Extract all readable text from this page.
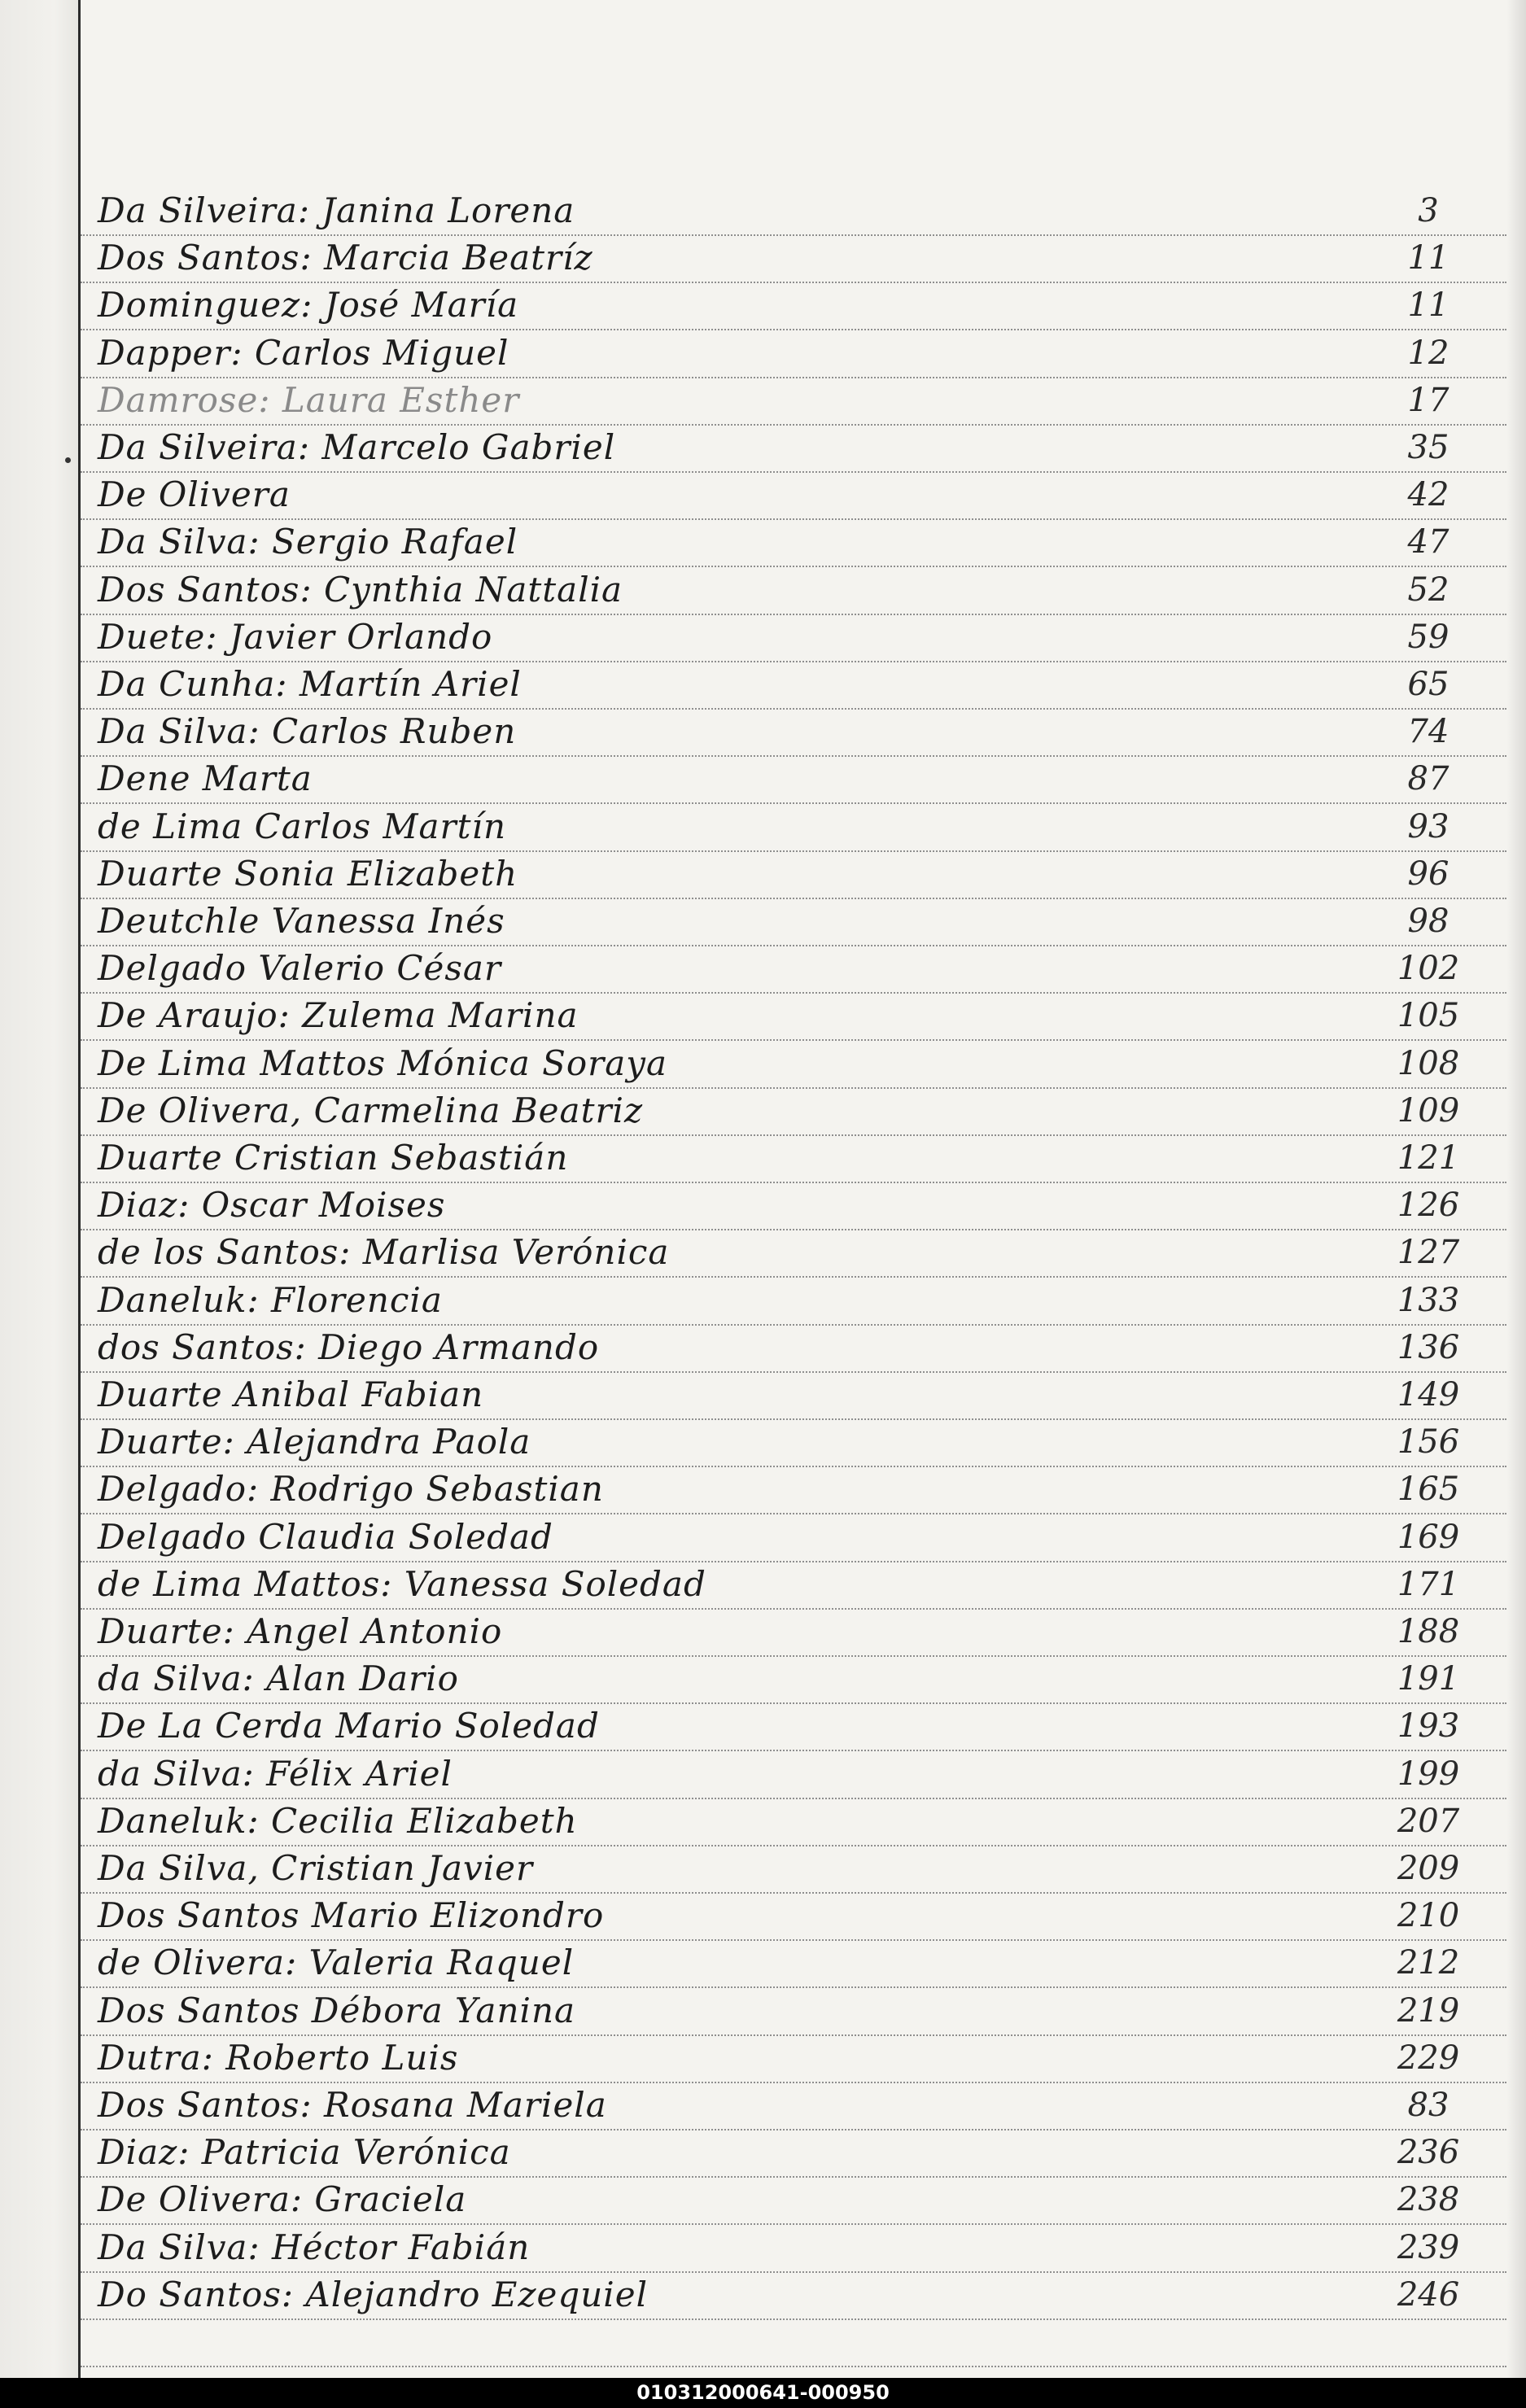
Da Silveira: Janina Lorena	3
Dos Santos: Marcia Beatríz	11
Dominguez: José María	11
Dapper: Carlos Miguel	12
Damrose: Laura Esther	17
Da Silveira: Marcelo Gabriel	35
De Olivera	42
Da Silva: Sergio Rafael	47
Dos Santos: Cynthia Nattalia	52
Duete: Javier Orlando	59
Da Cunha: Martín Ariel	65
Da Silva: Carlos Ruben	74
Dene Marta	87
de Lima Carlos Martín	93
Duarte Sonia Elizabeth	96
Deutchle Vanessa Inés	98
Delgado Valerio César	102
De Araujo: Zulema Marina	105
De Lima Mattos Mónica Soraya	108
De Olivera, Carmelina Beatriz	109
Duarte Cristian Sebastián	121
Diaz: Oscar Moises	126
de los Santos: Marlisa Verónica	127
Daneluk: Florencia	133
dos Santos: Diego Armando	136
Duarte Anibal Fabian	149
Duarte: Alejandra Paola	156
Delgado: Rodrigo Sebastian	165
Delgado Claudia Soledad	169
de Lima Mattos: Vanessa Soledad	171
Duarte: Angel Antonio	188
da Silva: Alan Dario	191
De La Cerda Mario Soledad	193
da Silva: Félix Ariel	199
Daneluk: Cecilia Elizabeth	207
Da Silva, Cristian Javier	209
Dos Santos Mario Elizondro	210
de Olivera: Valeria Raquel	212
Dos Santos Débora Yanina	219
Dutra: Roberto Luis	229
Dos Santos: Rosana Mariela	83
Diaz: Patricia Verónica	236
De Olivera: Graciela	238
Da Silva: Héctor Fabián	239
Do Santos: Alejandro Ezequiel	246
010312000641-000950
